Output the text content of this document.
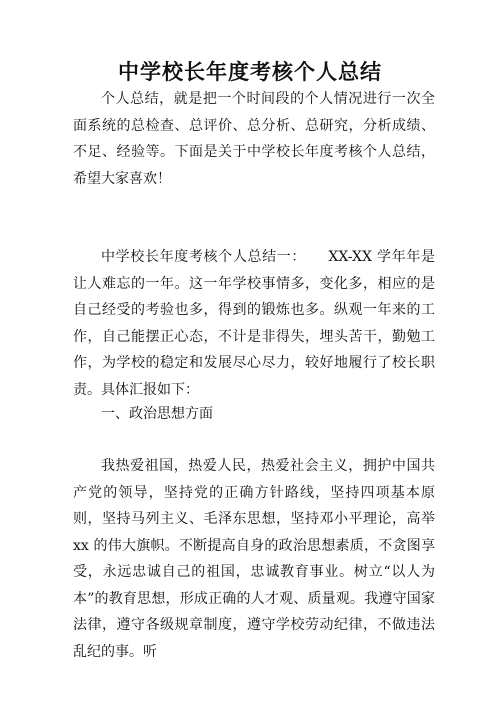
中学校长年度考核个人总结
个人总结，就是把一个时间段的个人情况进行一次全面系统的总检查、总评价、总分析、总研究，分析成绩、不足、经验等。下面是关于中学校长年度考核个人总结，希望大家喜欢！
中学校长年度考核个人总结一：　　XX-XX 学年年是让人难忘的一年。这一年学校事情多，变化多，相应的是自己经受的考验也多，得到的锻炼也多。纵观一年来的工作，自己能摆正心态，不计是非得失，埋头苦干，勤勉工作，为学校的稳定和发展尽心尽力，较好地履行了校长职责。具体汇报如下：
一、政治思想方面
我热爱祖国，热爱人民，热爱社会主义，拥护中国共产党的领导，坚持党的正确方针路线，坚持四项基本原则，坚持马列主义、毛泽东思想，坚持邓小平理论，高举 xx 的伟大旗帜。不断提高自身的政治思想素质，不贪图享受，永远忠诚自己的祖国，忠诚教育事业。树立“以人为本”的教育思想，形成正确的人才观、质量观。我遵守国家法律，遵守各级规章制度，遵守学校劳动纪律，不做违法乱纪的事。听
